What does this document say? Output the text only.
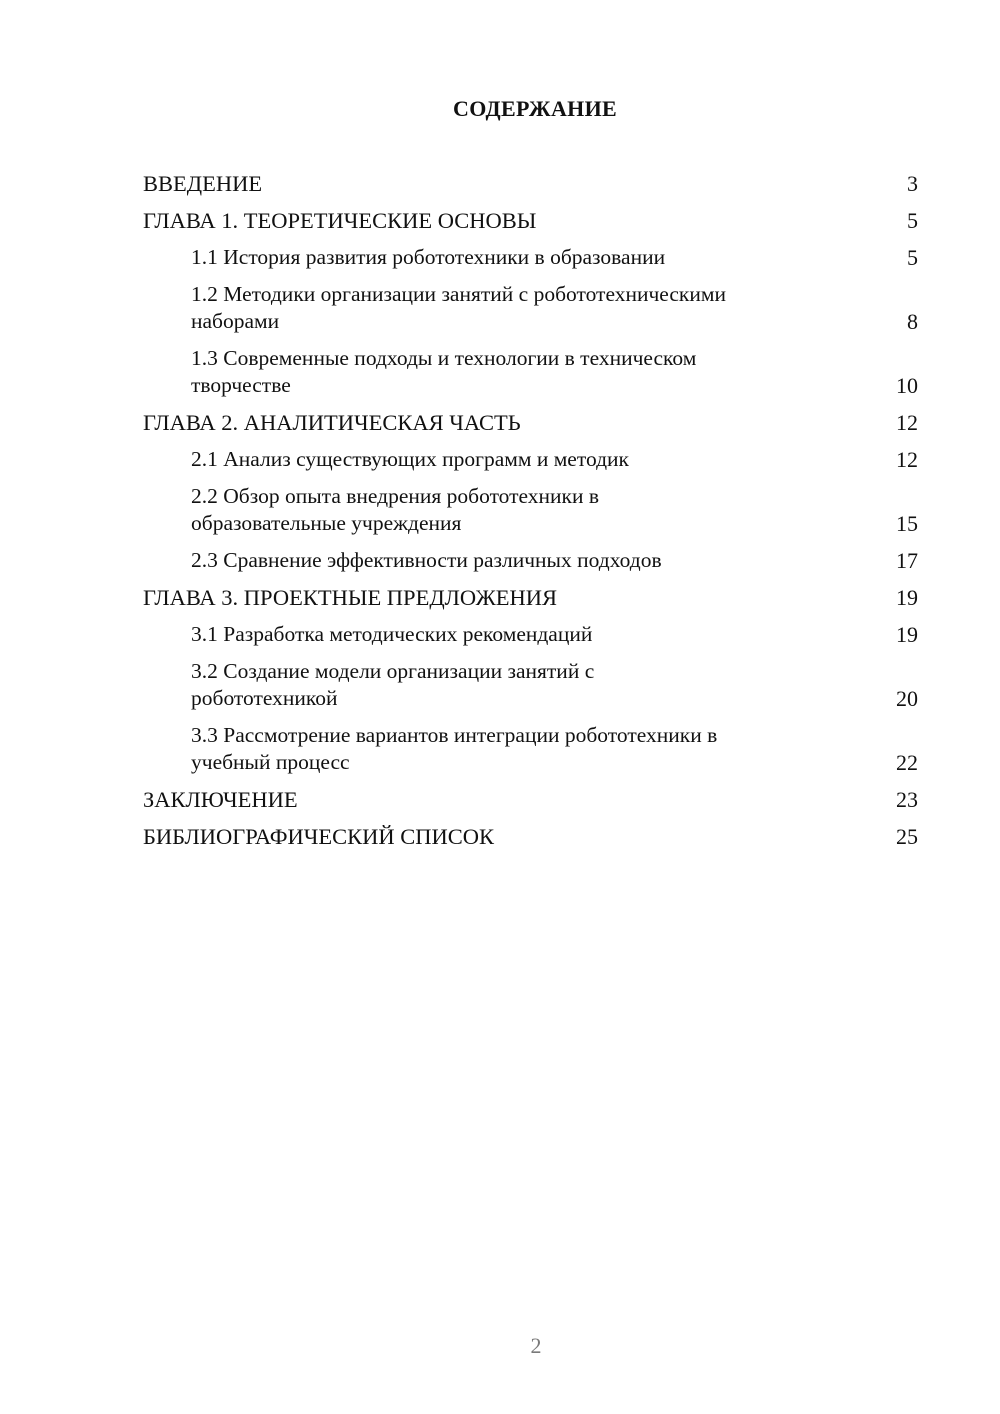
СОДЕРЖАНИЕ
ВВЕДЕНИЕ	3
ГЛАВА 1. ТЕОРЕТИЧЕСКИЕ ОСНОВЫ	5
1.1 История развития робототехники в образовании	5
1.2 Методики организации занятий с робототехническими
наборами	8
1.3 Современные подходы и технологии в техническом
творчестве	10
ГЛАВА 2. АНАЛИТИЧЕСКАЯ ЧАСТЬ	12
2.1 Анализ существующих программ и методик	12
2.2 Обзор опыта внедрения робототехники в
образовательные учреждения	15
2.3 Сравнение эффективности различных подходов	17
ГЛАВА 3. ПРОЕКТНЫЕ ПРЕДЛОЖЕНИЯ	19
3.1 Разработка методических рекомендаций	19
3.2 Создание модели организации занятий с
робототехникой	20
3.3 Рассмотрение вариантов интеграции робототехники в
учебный процесс	22
ЗАКЛЮЧЕНИЕ	23
БИБЛИОГРАФИЧЕСКИЙ СПИСОК	25
2
